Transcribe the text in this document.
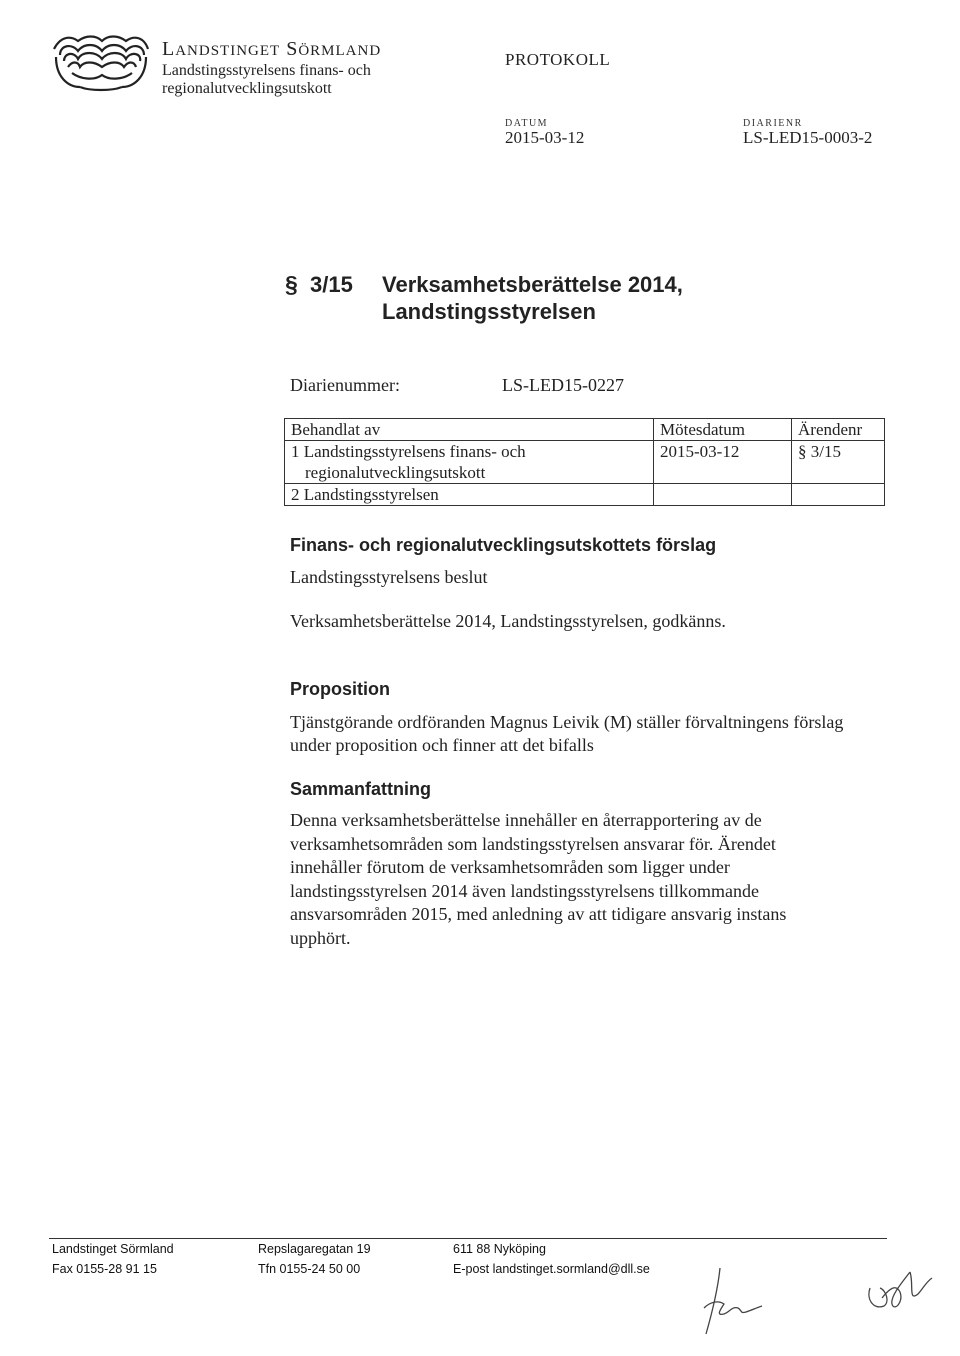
LANDSTINGET SÖRMLAND
Landstingsstyrelsens finans- och
regionalutvecklingsutskott
PROTOKOLL
DATUM
2015-03-12
DIARIENR
LS-LED15-0003-2
§ 3/15 Verksamhetsberättelse 2014,
Landstingsstyrelsen
Diarienummer:	LS-LED15-0227
Behandlat av	Mötesdatum	Ärendenr
1 Landstingsstyrelsens finans- och
regionalutvecklingsutskott	2015-03-12	§ 3/15
2 Landstingsstyrelsen		
Finans- och regionalutvecklingsutskottets förslag
Landstingsstyrelsens beslut
Verksamhetsberättelse 2014, Landstingsstyrelsen, godkänns.
Proposition
Tjänstgörande ordföranden Magnus Leivik (M) ställer förvaltningens förslag under proposition och finner att det bifalls
Sammanfattning
Denna verksamhetsberättelse innehåller en återrapportering av de verksamhetsområden som landstingsstyrelsen ansvarar för. Ärendet innehåller förutom de verksamhetsområden som ligger under landstingsstyrelsen 2014 även landstingsstyrelsens tillkommande ansvarsområden 2015, med anledning av att tidigare ansvarig instans upphört.
Landstinget Sörmland
Fax 0155-28 91 15
Repslagaregatan 19
Tfn 0155-24 50 00
611 88 Nyköping
E-post landstinget.sormland@dll.se
